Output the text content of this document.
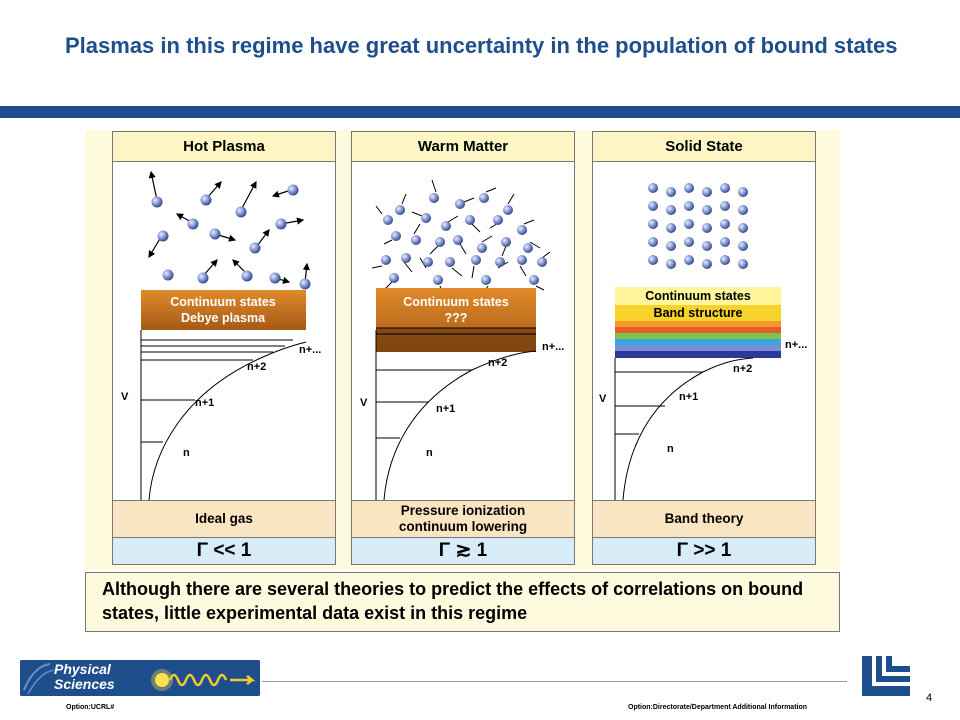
Plasmas in this regime have great uncertainty in the population of bound states
Hot Plasma
Continuum states
Debye plasma
n+...
n+2
n+1
n
V
Ideal gas
Γ << 1
Warm Matter
Continuum states
???
n+...
n+2
n+1
n
V
Pressure ionization
continuum lowering
Γ ≳ 1
Solid State
Continuum states
Band structure
n+...
n+2
n+1
n
V
Band theory
Γ >> 1
Although there are several theories to predict the effects of correlations on bound states, little experimental data exist in this regime
Physical
Sciences
4
Option:UCRL#	Option:Directorate/Department Additional Information
